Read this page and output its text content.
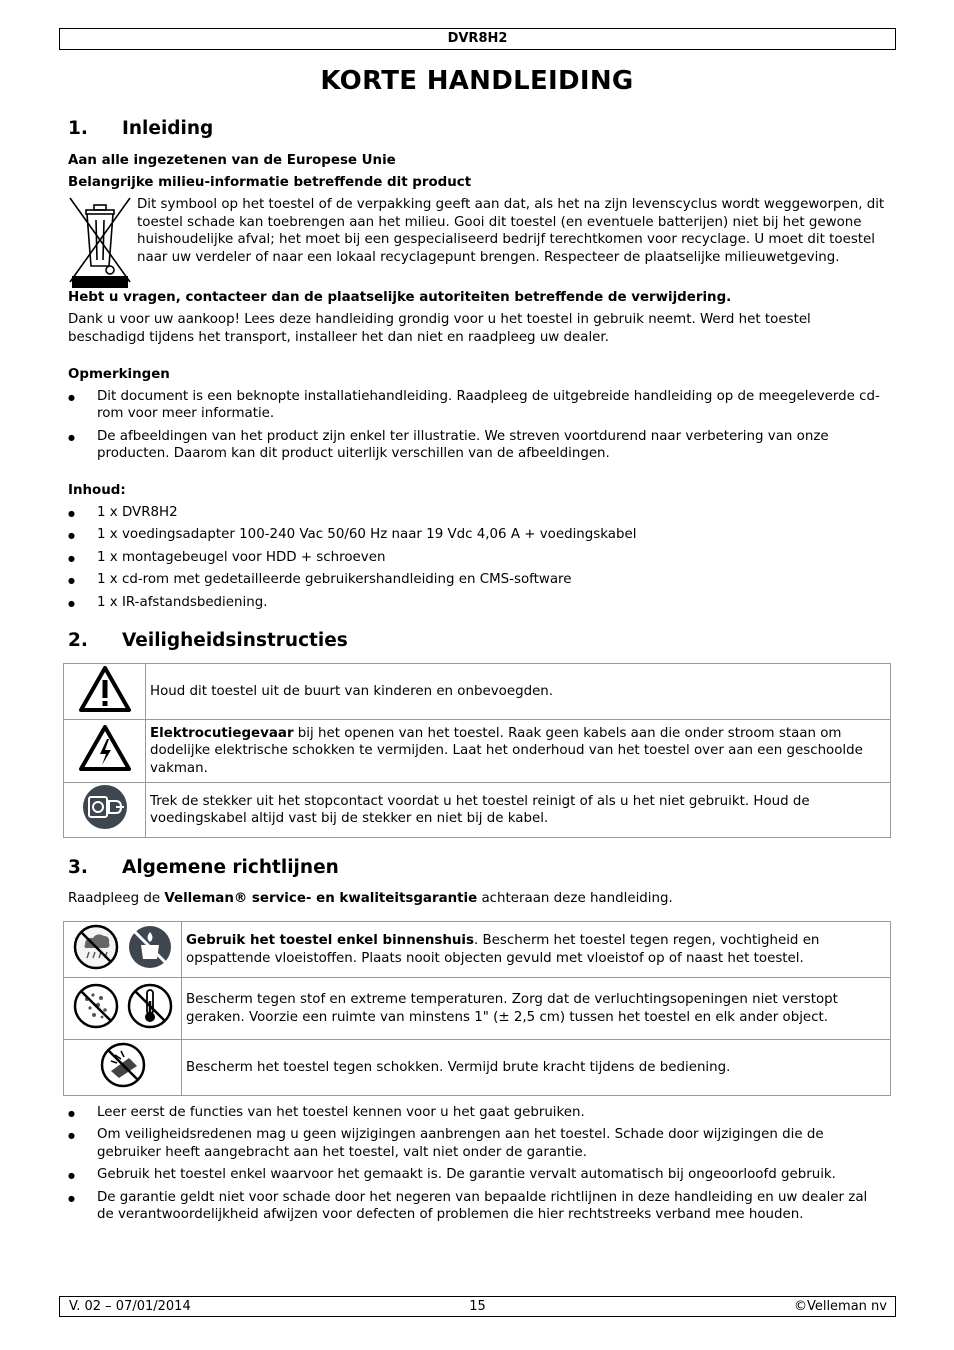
DVR8H2
KORTE HANDLEIDING
1. Inleiding
Aan alle ingezetenen van de Europese Unie
Belangrijke milieu-informatie betreffende dit product
Dit symbool op het toestel of de verpakking geeft aan dat, als het na zijn levenscyclus wordt weggeworpen, dit toestel schade kan toebrengen aan het milieu. Gooi dit toestel (en eventuele batterijen) niet bij het gewone huishoudelijke afval; het moet bij een gespecialiseerd bedrijf terechtkomen voor recyclage. U moet dit toestel naar uw verdeler of naar een lokaal recyclagepunt brengen. Respecteer de plaatselijke milieuwetgeving.
Hebt u vragen, contacteer dan de plaatselijke autoriteiten betreffende de verwijdering.
Dank u voor uw aankoop! Lees deze handleiding grondig voor u het toestel in gebruik neemt. Werd het toestel beschadigd tijdens het transport, installeer het dan niet en raadpleeg uw dealer.
Opmerkingen
● Dit document is een beknopte installatiehandleiding. Raadpleeg de uitgebreide handleiding op de meegeleverde cd-rom voor meer informatie.
● De afbeeldingen van het product zijn enkel ter illustratie. We streven voortdurend naar verbetering van onze producten. Daarom kan dit product uiterlijk verschillen van de afbeeldingen.
Inhoud:
● 1 x DVR8H2
● 1 x voedingsadapter 100-240 Vac 50/60 Hz naar 19 Vdc 4,06 A + voedingskabel
● 1 x montagebeugel voor HDD + schroeven
● 1 x cd-rom met gedetailleerde gebruikershandleiding en CMS-software
● 1 x IR-afstandsbediening.
2. Veiligheidsinstructies
	Houd dit toestel uit de buurt van kinderen en onbevoegden.
	Elektrocutiegevaar bij het openen van het toestel. Raak geen kabels aan die onder stroom staan om dodelijke elektrische schokken te vermijden. Laat het onderhoud van het toestel over aan een geschoolde vakman.
	Trek de stekker uit het stopcontact voordat u het toestel reinigt of als u het niet gebruikt. Houd de voedingskabel altijd vast bij de stekker en niet bij de kabel.
3. Algemene richtlijnen
Raadpleeg de Velleman® service- en kwaliteitsgarantie achteraan deze handleiding.
	Gebruik het toestel enkel binnenshuis. Bescherm het toestel tegen regen, vochtigheid en opspattende vloeistoffen. Plaats nooit objecten gevuld met vloeistof op of naast het toestel.
	Bescherm tegen stof en extreme temperaturen. Zorg dat de verluchtingsopeningen niet verstopt geraken. Voorzie een ruimte van minstens 1" (± 2,5 cm) tussen het toestel en elk ander object.
	Bescherm het toestel tegen schokken. Vermijd brute kracht tijdens de bediening.
● Leer eerst de functies van het toestel kennen voor u het gaat gebruiken.
● Om veiligheidsredenen mag u geen wijzigingen aanbrengen aan het toestel. Schade door wijzigingen die de gebruiker heeft aangebracht aan het toestel, valt niet onder de garantie.
● Gebruik het toestel enkel waarvoor het gemaakt is. De garantie vervalt automatisch bij ongeoorloofd gebruik.
● De garantie geldt niet voor schade door het negeren van bepaalde richtlijnen in deze handleiding en uw dealer zal de verantwoordelijkheid afwijzen voor defecten of problemen die hier rechtstreeks verband mee houden.
V. 02 – 07/01/2014	15	©Velleman nv
